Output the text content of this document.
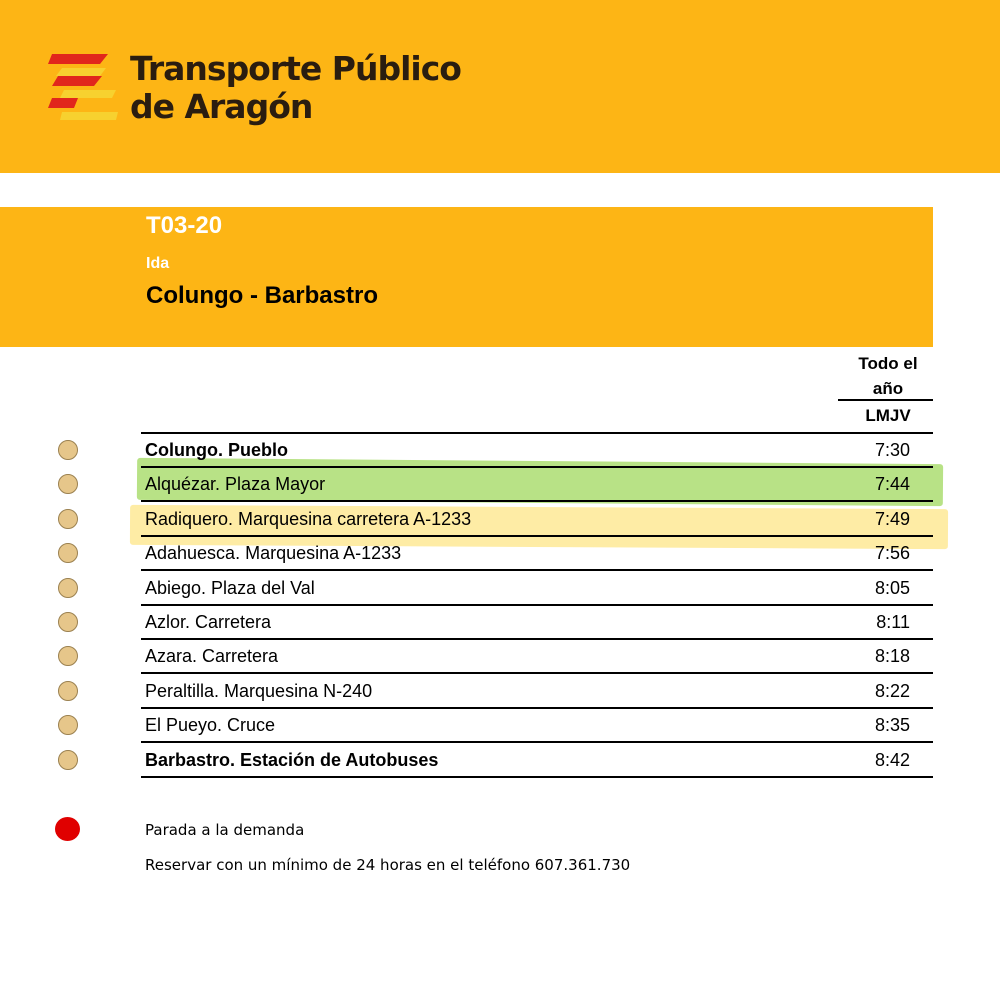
Transporte Público
de Aragón
T03-20
Ida
Colungo - Barbastro
Todo el
año
LMJV
Colungo. Pueblo	7:30
Alquézar. Plaza Mayor	7:44
Radiquero. Marquesina carretera A-1233	7:49
Adahuesca. Marquesina A-1233	7:56
Abiego. Plaza del Val	8:05
Azlor. Carretera	8:11
Azara. Carretera	8:18
Peraltilla. Marquesina N-240	8:22
El Pueyo. Cruce	8:35
Barbastro. Estación de Autobuses	8:42
Parada a la demanda
Reservar con un mínimo de 24 horas en el teléfono 607.361.730
